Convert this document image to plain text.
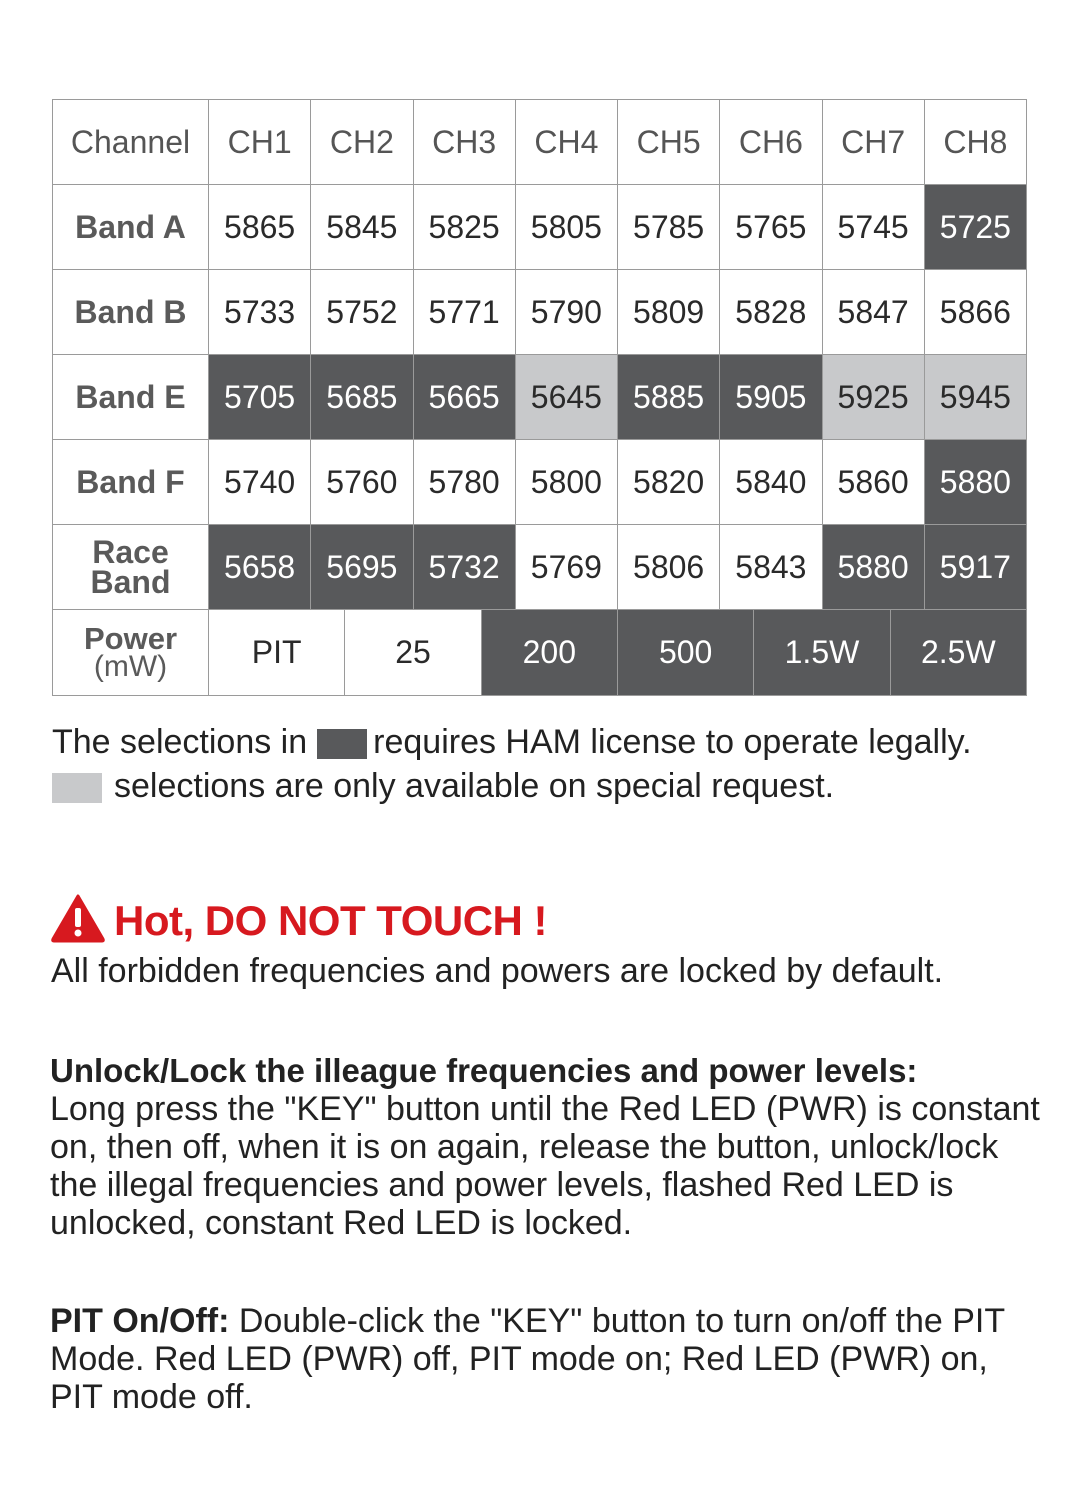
Channel	CH1	CH2	CH3	CH4	CH5	CH6	CH7	CH8
Band A	5865	5845	5825	5805	5785	5765	5745	5725
Band B	5733	5752	5771	5790	5809	5828	5847	5866
Band E	5705	5685	5665	5645	5885	5905	5925	5945
Band F	5740	5760	5780	5800	5820	5840	5860	5880

Race
Band	5658	5695	5732	5769	5806	5843	5880	5917
Power
(mW)	PIT	25	200	500	1.5W	2.5W
The selections in requires HAM license to operate legally.
selections are only available on special request.
Hot, DO NOT TOUCH !
All forbidden frequencies and powers are locked by default.
Unlock/Lock the illeague frequencies and power levels:
Long press the "KEY" button until the Red LED (PWR) is constant on, then off, when it is on again, release the button, unlock/lock the illegal frequencies and power levels, flashed Red LED is unlocked, constant Red LED is locked.
PIT On/Off: Double-click the "KEY" button to turn on/off the PIT Mode. Red LED (PWR) off, PIT mode on; Red LED (PWR) on, PIT mode off.
